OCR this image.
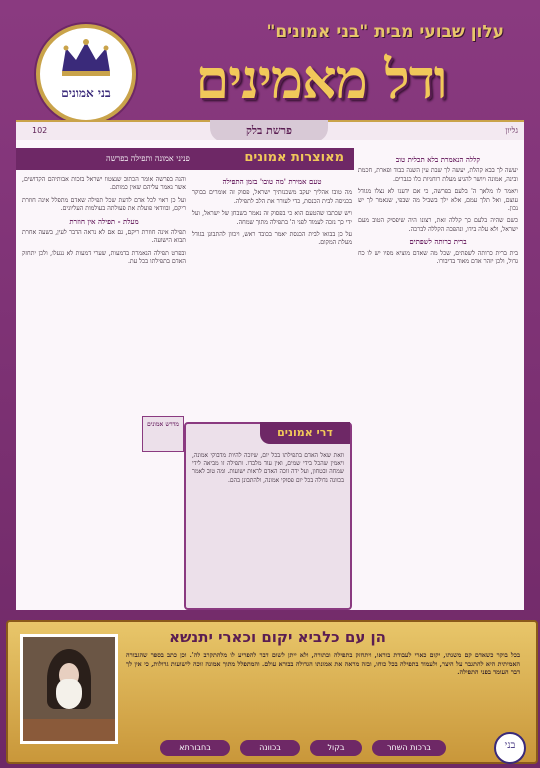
בני אמונים
עלון שבועי מבית "בני אמונים"
ודל מאמינים
גליון
פרשת בלק
102
מאוצרות אמונים
פניני אמונה ותפילה בפרשה	קללה הנאמרת בלא תכלית טוב

יעשה לך בבא קהלת, יעשה לך שבת עין השנה כבוד ופארת, חכמת ובינה, אמונה ויושר להגיע מעלת רוחניות כלו כגברים.

ויאמר לו מלאך ה' בלעם בפרשה, כי אם ידענו לא נצלו מגודל עוצם, ואל תלך עמם, אלא ילך בשביל מה שבפי, שנאמר לך יש נכון.

כשם שהיה בלעם כך קללה זאת, רצונו היה שיפסיק הטוב מעם ישראל, ולא עלה בידו, ונהפכה הקללה לברכה.

ברית כרותה לשפתים

בית ברית כרותה לשפתים, שכל מה שאדם מוציא מפיו יש לו כח גדול, ולכן יזהר אדם מאוד בדיבורו.

טעם אמירת 'מה טובו' בזמן התפילה

מה טובו אהליך יעקב משכנותיך ישראל, פסוק זה אומרים בבוקר בכניסה לבית הכנסת, כדי לעורר את הלב לתפילה.

ויש שכתבו שהטעם הוא כי בפסוק זה נאמר בשבחן של ישראל, ועל ידי כך נזכה לעמוד לפני ה' בתפילה מתוך שמחה.

על כן בבואו לבית הכנסת יאמר בכובד ראש, ויכוון להתבונן בגודל מעלת המקום.

והנה בפרשה אומר הכתוב שנצטוו ישראל בזכות אבותיהם הקדושים, אשר נאמר עליהם שאין כמותם.

ועל כן ראוי לכל אדם לדעת שכל תפילה שאדם מתפלל אינה חוזרת ריקם, ובוודאי פועלת את פעולתה בעולמות העליונים.

מעלת - תפילה אין חוזרת

תפילה אינה חוזרת ריקם, גם אם לא נראה הדבר לעין, בשעה אחרת תבוא הישועה.

ובפרט תפילה הנאמרת בדמעות, שערי דמעות לא ננעלו, ולכן יתחזק האדם בתפילתו בכל עת.

מדרש אמונים
דרי אמונים
וזאת שאל האדם בתפילתו בכל יום, שיזכה להיות מדבוקי אמונה, ויאמין שהכל בידי שמים, ואין עוד מלבדו. ותפילה זו מביאה לידי שמחה ובטחון, ועל ידה זוכה האדם לראות ישועות. ומה טוב לאמר בכוונה גדולה בכל יום פסוקי אמונה, ולהתבונן בהם.
הן עם כלביא יקום וכארי יתנשא
בכל בוקר כשאדם קם משנתו, יקום כארי לעבודת בוראו, ויתחזק בתפילה ובתורה, ולא ייתן לשום דבר להפריע לו מלהתקרב לה'. וכן כתב בספר שהגבורה האמיתית היא להתגבר על היצר, ולעמוד בתפילה בכל כוחו, ובזה מראה את אמונתו הגדולה בבורא עולם. והמתפלל מתוך אמונה זוכה לישועות גדולות, כי אין לך דבר העומד בפני התפילה.
ברכות השחר
בקול
בכוונה
בחבורתא	בני
